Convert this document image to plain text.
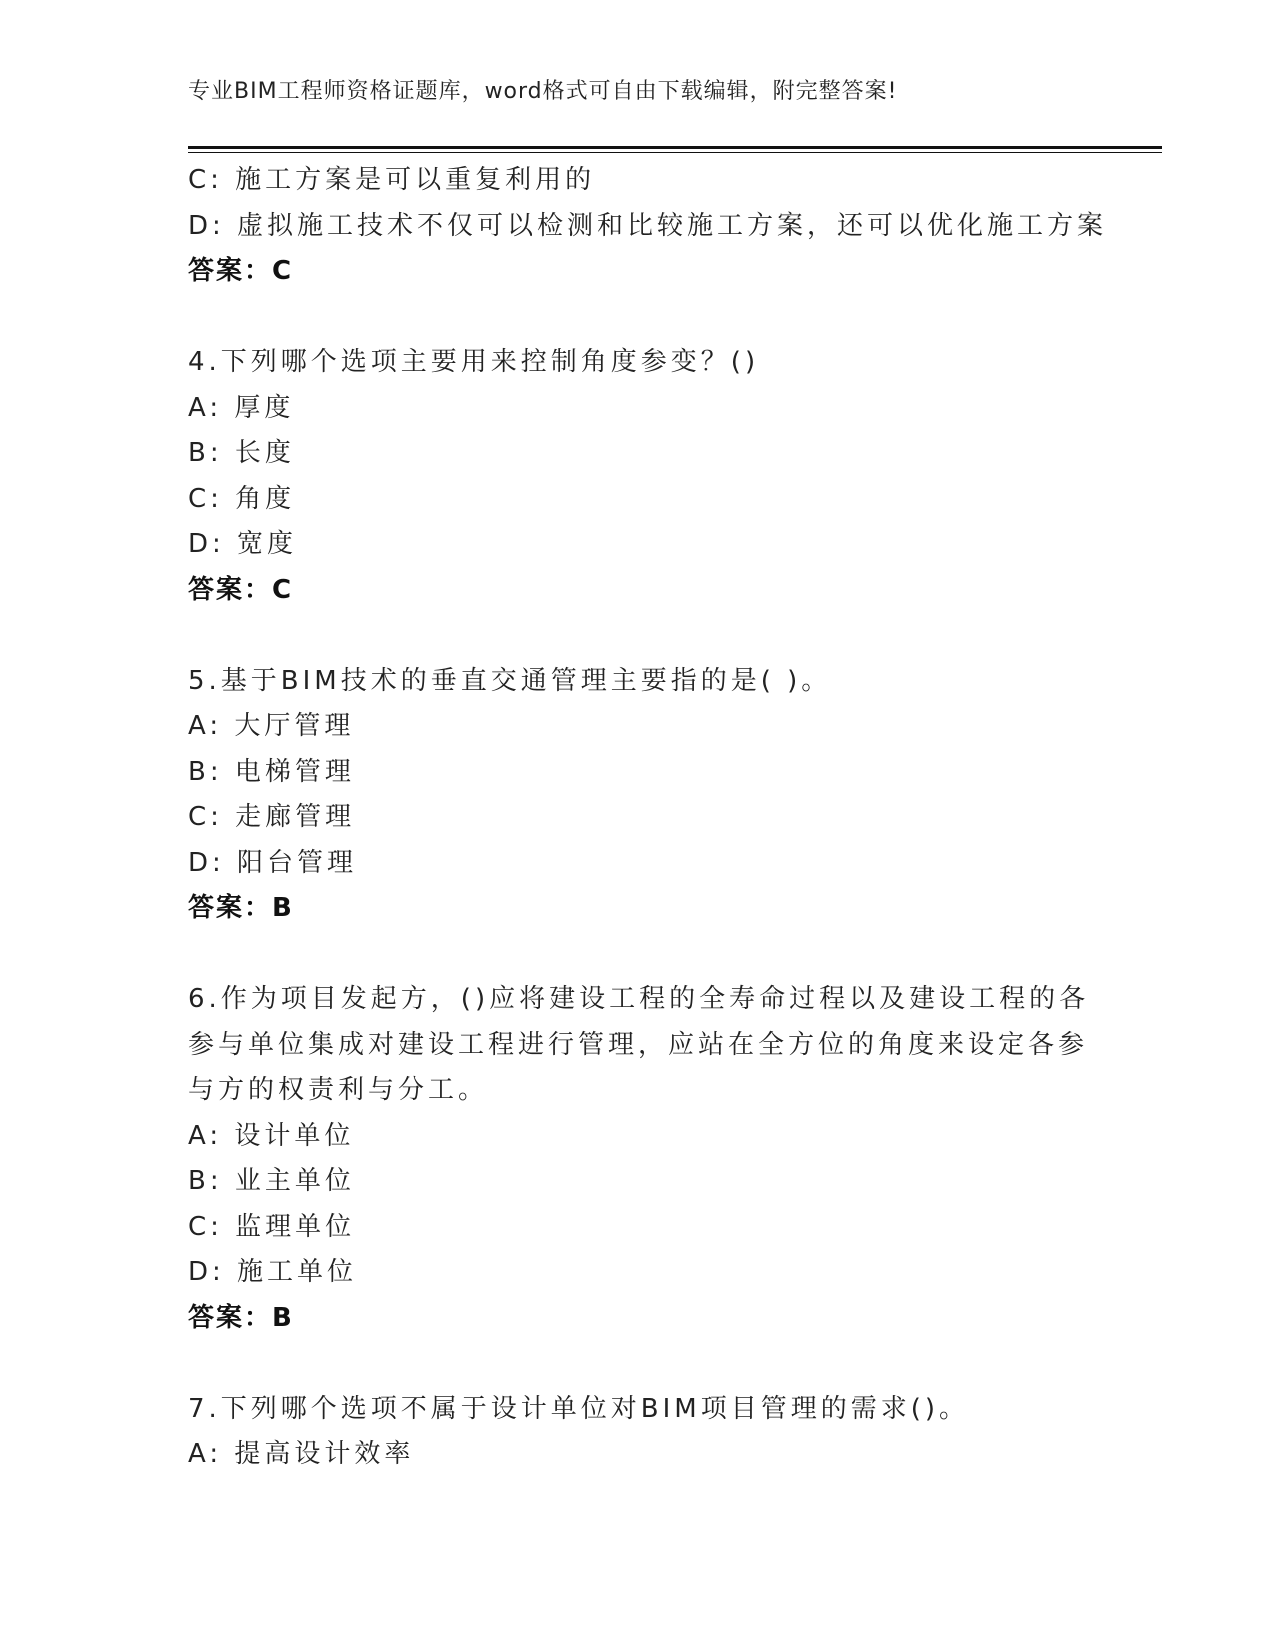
专业BIM工程师资格证题库，word格式可自由下载编辑，附完整答案!
C: 施工方案是可以重复利用的
D: 虚拟施工技术不仅可以检测和比较施工方案，还可以优化施工方案
答案：C
4.下列哪个选项主要用来控制角度参变？()
A: 厚度
B: 长度
C: 角度
D: 宽度
答案：C
5.基于BIM技术的垂直交通管理主要指的是( )。
A: 大厅管理
B: 电梯管理
C: 走廊管理
D: 阳台管理
答案：B
6.作为项目发起方，()应将建设工程的全寿命过程以及建设工程的各
参与单位集成对建设工程进行管理，应站在全方位的角度来设定各参
与方的权责利与分工。
A: 设计单位
B: 业主单位
C: 监理单位
D: 施工单位
答案：B
7.下列哪个选项不属于设计单位对BIM项目管理的需求()。
A: 提高设计效率
